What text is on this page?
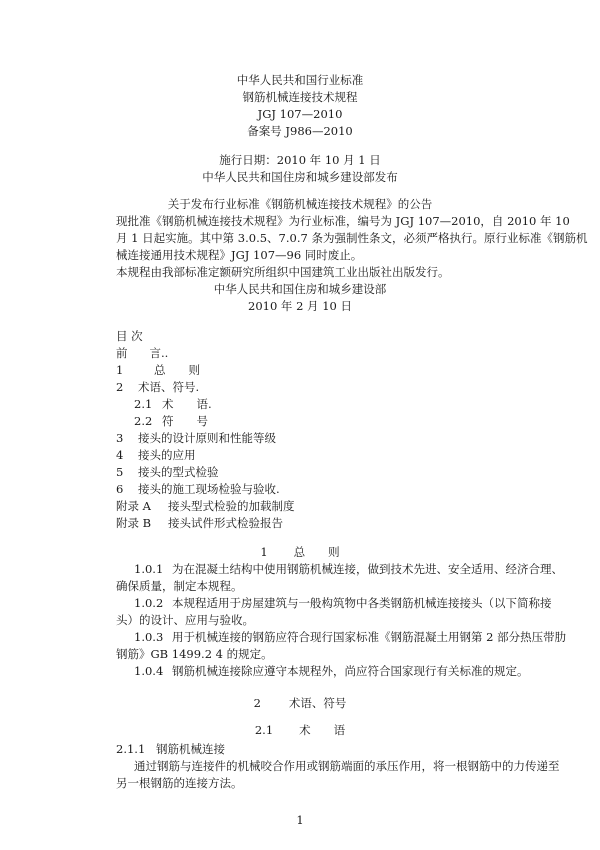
中华人民共和国行业标准
钢筋机械连接技术规程
JGJ 107—2010
备案号 J986—2010
施行日期：2010 年 10 月 1 日
中华人民共和国住房和城乡建设部发布
关于发布行业标准《钢筋机械连接技术规程》的公告
现批准《钢筋机械连接技术规程》为行业标准，编号为 JGJ 107—2010，自 2010 年 10
月 1 日起实施。其中第 3.0.5、7.0.7 条为强制性条文，必须严格执行。原行业标准《钢筋机
械连接通用技术规程》JGJ 107—96 同时废止。
本规程由我部标准定额研究所组织中国建筑工业出版社出版发行。
中华人民共和国住房和城乡建设部
2010 年 2 月 10 日
目 次
前 言..
1	总　　则
2 术语、符号.
2.1 术　　语.
2.2 符　　号
3 接头的设计原则和性能等级
4 接头的应用
5 接头的型式检验
6 接头的施工现场检验与验收.
附录 A 接头型式检验的加载制度
附录 B 接头试件形式检验报告
1 总　　则
1.0.1 为在混凝土结构中使用钢筋机械连接，做到技术先进、安全适用、经济合理、
确保质量，制定本规程。
1.0.2 本规程适用于房屋建筑与一般构筑物中各类钢筋机械连接接头（以下简称接
头）的设计、应用与验收。
1.0.3 用于机械连接的钢筋应符合现行国家标准《钢筋混凝土用钢第 2 部分热压带肋
钢筋》GB 1499.2 4 的规定。
1.0.4 钢筋机械连接除应遵守本规程外，尚应符合国家现行有关标准的规定。
2 术语、符号
2.1 术　　语
2.1.1 钢筋机械连接
通过钢筋与连接件的机械咬合作用或钢筋端面的承压作用，将一根钢筋中的力传递至
另一根钢筋的连接方法。
1
